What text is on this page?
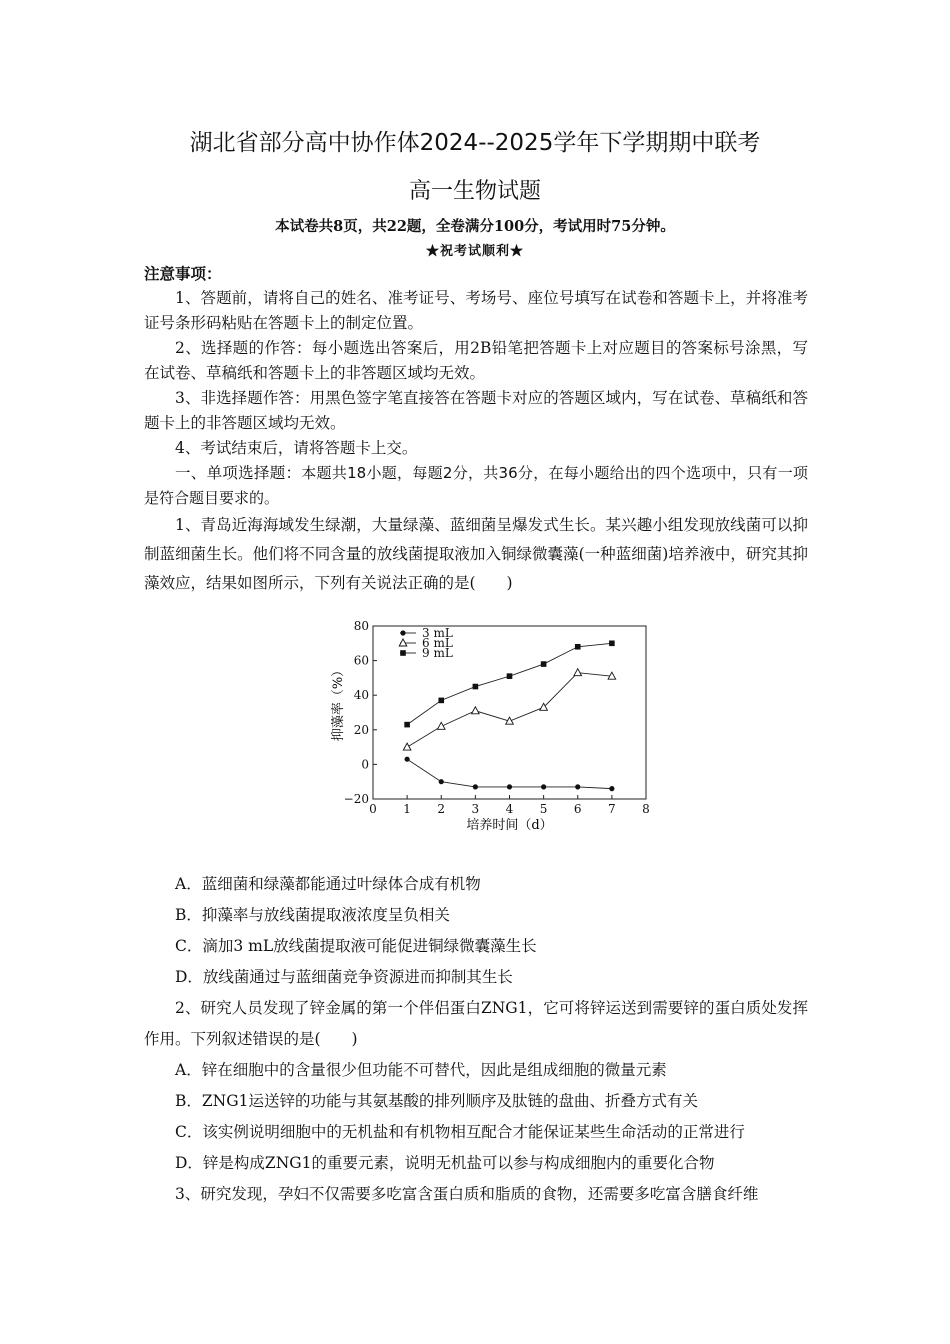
湖北省部分高中协作体2024--2025学年下学期期中联考
高一生物试题
本试卷共8页，共22题，全卷满分100分，考试用时75分钟。
★祝考试顺利★

注意事项：

1、答题前，请将自己的姓名、准考证号、考场号、座位号填写在试卷和答题卡上，并将准考证号条形码粘贴在答题卡上的制定位置。

2、选择题的作答：每小题选出答案后，用2B铅笔把答题卡上对应题目的答案标号涂黑，写在试卷、草稿纸和答题卡上的非答题区域均无效。

3、非选择题作答：用黑色签字笔直接答在答题卡对应的答题区域内，写在试卷、草稿纸和答题卡上的非答题区域均无效。

4、考试结束后，请将答题卡上交。

一、单项选择题：本题共18小题，每题2分，共36分，在每小题给出的四个选项中，只有一项是符合题目要求的。

1、青岛近海海域发生绿潮，大量绿藻、蓝细菌呈爆发式生长。某兴趣小组发现放线菌可以抑制蓝细菌生长。他们将不同含量的放线菌提取液加入铜绿微囊藻(一种蓝细菌)培养液中，研究其抑藻效应，结果如图所示，下列有关说法正确的是(　　)

0 1 2 3 4 5 6 7 8
−20
0
20
40
60
80	3 mL
6 mL
9 mL
培养时间（d）
抑藻率（%）

A．蓝细菌和绿藻都能通过叶绿体合成有机物

B．抑藻率与放线菌提取液浓度呈负相关

C．滴加3 mL放线菌提取液可能促进铜绿微囊藻生长

D．放线菌通过与蓝细菌竞争资源进而抑制其生长

2、研究人员发现了锌金属的第一个伴侣蛋白ZNG1，它可将锌运送到需要锌的蛋白质处发挥作用。下列叙述错误的是(　　)

A．锌在细胞中的含量很少但功能不可替代，因此是组成细胞的微量元素

B．ZNG1运送锌的功能与其氨基酸的排列顺序及肽链的盘曲、折叠方式有关

C．该实例说明细胞中的无机盐和有机物相互配合才能保证某些生命活动的正常进行

D．锌是构成ZNG1的重要元素，说明无机盐可以参与构成细胞内的重要化合物

3、研究发现，孕妇不仅需要多吃富含蛋白质和脂质的食物，还需要多吃富含膳食纤维
